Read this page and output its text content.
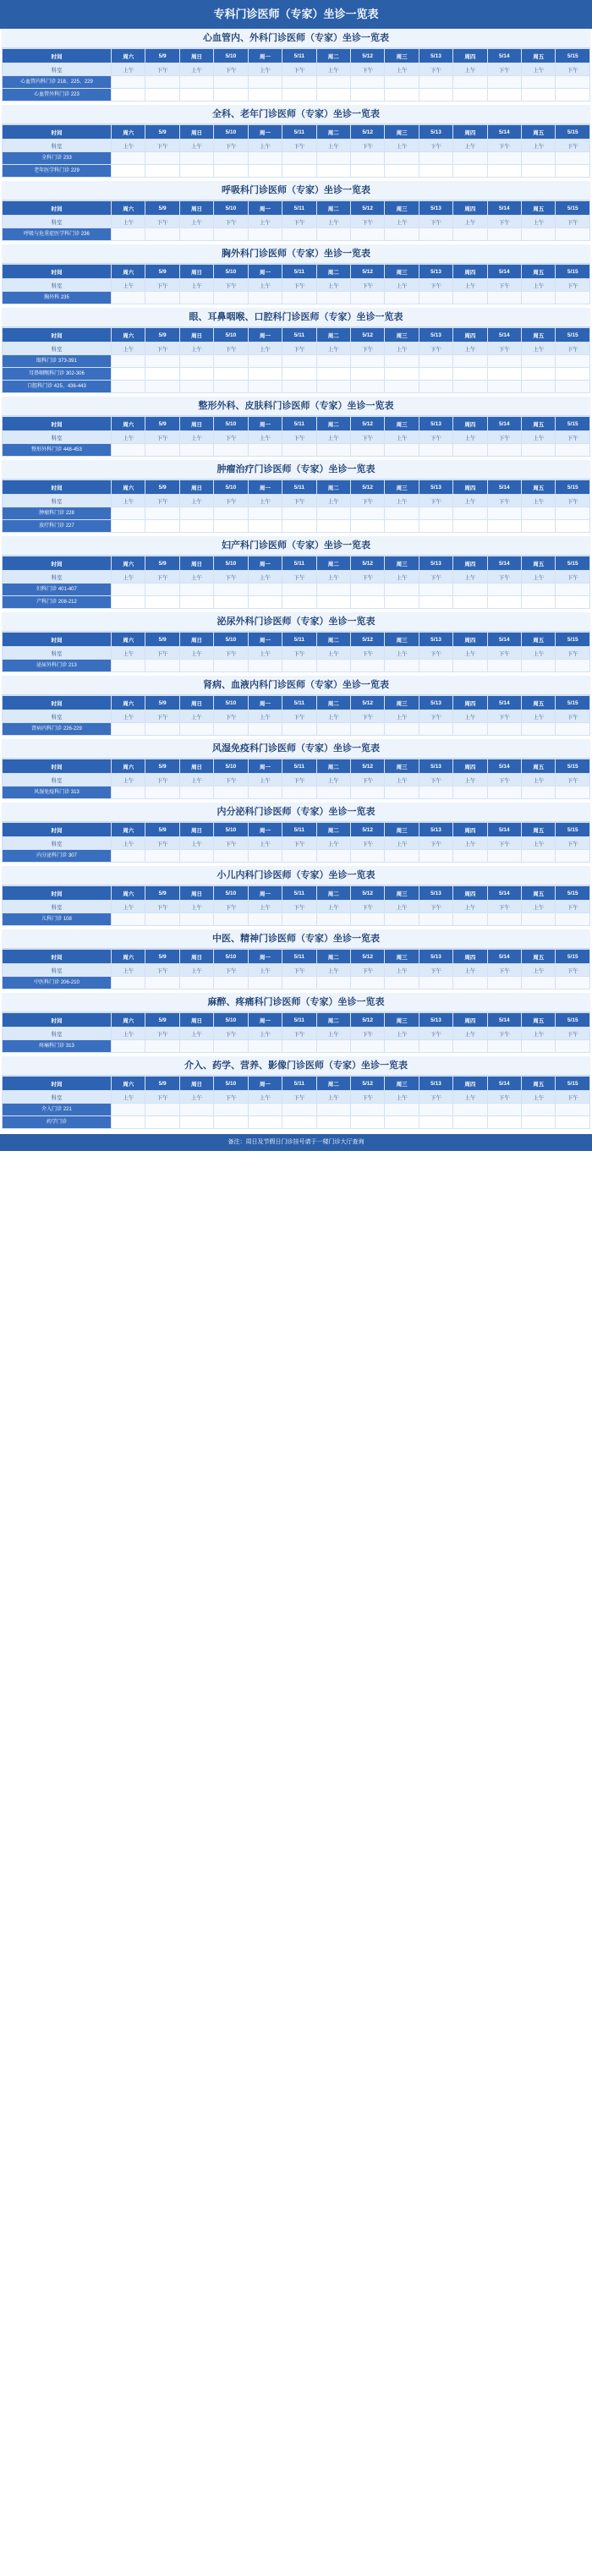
专科门诊医师（专家）坐诊一览表
心血管内、外科门诊医师（专家）坐诊一览表
时间	周六	5/9	周日	5/10	周一	5/11	周二	5/12	周三	5/13	周四	5/14	周五	5/15
科室	上午	下午	上午	下午	上午	下午	上午	下午	上午	下午	上午	下午	上午	下午
心血管内科门诊 218、225、229														
心血管外科门诊 223														
全科、老年门诊医师（专家）坐诊一览表
时间	周六	5/9	周日	5/10	周一	5/11	周二	5/12	周三	5/13	周四	5/14	周五	5/15
科室	上午	下午	上午	下午	上午	下午	上午	下午	上午	下午	上午	下午	上午	下午
全科门诊 233														
老年医学科门诊 229														
呼吸科门诊医师（专家）坐诊一览表
时间	周六	5/9	周日	5/10	周一	5/11	周二	5/12	周三	5/13	周四	5/14	周五	5/15
科室	上午	下午	上午	下午	上午	下午	上午	下午	上午	下午	上午	下午	上午	下午
呼吸与危重症医学科门诊 236														
胸外科门诊医师（专家）坐诊一览表
时间	周六	5/9	周日	5/10	周一	5/11	周二	5/12	周三	5/13	周四	5/14	周五	5/15
科室	上午	下午	上午	下午	上午	下午	上午	下午	上午	下午	上午	下午	上午	下午
胸外科 235														
眼、耳鼻咽喉、口腔科门诊医师（专家）坐诊一览表
时间	周六	5/9	周日	5/10	周一	5/11	周二	5/12	周三	5/13	周四	5/14	周五	5/15
科室	上午	下午	上午	下午	上午	下午	上午	下午	上午	下午	上午	下午	上午	下午
眼科门诊 373-391														
耳鼻咽喉科门诊 302-306														
口腔科门诊 425、436-443														
整形外科、皮肤科门诊医师（专家）坐诊一览表
时间	周六	5/9	周日	5/10	周一	5/11	周二	5/12	周三	5/13	周四	5/14	周五	5/15
科室	上午	下午	上午	下午	上午	下午	上午	下午	上午	下午	上午	下午	上午	下午
整形外科门诊 448-453														
肿瘤治疗门诊医师（专家）坐诊一览表
时间	周六	5/9	周日	5/10	周一	5/11	周二	5/12	周三	5/13	周四	5/14	周五	5/15
科室	上午	下午	上午	下午	上午	下午	上午	下午	上午	下午	上午	下午	上午	下午
肿瘤科门诊 228														
放疗科门诊 227														
妇产科门诊医师（专家）坐诊一览表
时间	周六	5/9	周日	5/10	周一	5/11	周二	5/12	周三	5/13	周四	5/14	周五	5/15
科室	上午	下午	上午	下午	上午	下午	上午	下午	上午	下午	上午	下午	上午	下午
妇科门诊 401-407														
产科门诊 208-212														
泌尿外科门诊医师（专家）坐诊一览表
时间	周六	5/9	周日	5/10	周一	5/11	周二	5/12	周三	5/13	周四	5/14	周五	5/15
科室	上午	下午	上午	下午	上午	下午	上午	下午	上午	下午	上午	下午	上午	下午
泌尿外科门诊 213														
肾病、血液内科门诊医师（专家）坐诊一览表
时间	周六	5/9	周日	5/10	周一	5/11	周二	5/12	周三	5/13	周四	5/14	周五	5/15
科室	上午	下午	上午	下午	上午	下午	上午	下午	上午	下午	上午	下午	上午	下午
肾病内科门诊 226-229														
风湿免疫科门诊医师（专家）坐诊一览表
时间	周六	5/9	周日	5/10	周一	5/11	周二	5/12	周三	5/13	周四	5/14	周五	5/15
科室	上午	下午	上午	下午	上午	下午	上午	下午	上午	下午	上午	下午	上午	下午
风湿免疫科门诊 313														
内分泌科门诊医师（专家）坐诊一览表
时间	周六	5/9	周日	5/10	周一	5/11	周二	5/12	周三	5/13	周四	5/14	周五	5/15
科室	上午	下午	上午	下午	上午	下午	上午	下午	上午	下午	上午	下午	上午	下午
内分泌科门诊 307														
小儿内科门诊医师（专家）坐诊一览表
时间	周六	5/9	周日	5/10	周一	5/11	周二	5/12	周三	5/13	周四	5/14	周五	5/15
科室	上午	下午	上午	下午	上午	下午	上午	下午	上午	下午	上午	下午	上午	下午
儿科门诊 108														
中医、精神门诊医师（专家）坐诊一览表
时间	周六	5/9	周日	5/10	周一	5/11	周二	5/12	周三	5/13	周四	5/14	周五	5/15
科室	上午	下午	上午	下午	上午	下午	上午	下午	上午	下午	上午	下午	上午	下午
中医科门诊 206-210														
麻醉、疼痛科门诊医师（专家）坐诊一览表
时间	周六	5/9	周日	5/10	周一	5/11	周二	5/12	周三	5/13	周四	5/14	周五	5/15
科室	上午	下午	上午	下午	上午	下午	上午	下午	上午	下午	上午	下午	上午	下午
疼痛科门诊 313														
介入、药学、营养、影像门诊医师（专家）坐诊一览表
时间	周六	5/9	周日	5/10	周一	5/11	周二	5/12	周三	5/13	周四	5/14	周五	5/15
科室	上午	下午	上午	下午	上午	下午	上午	下午	上午	下午	上午	下午	上午	下午
介入门诊 221														
药学门诊														
备注：周日及节假日门诊挂号请于一楼门诊大厅查询
